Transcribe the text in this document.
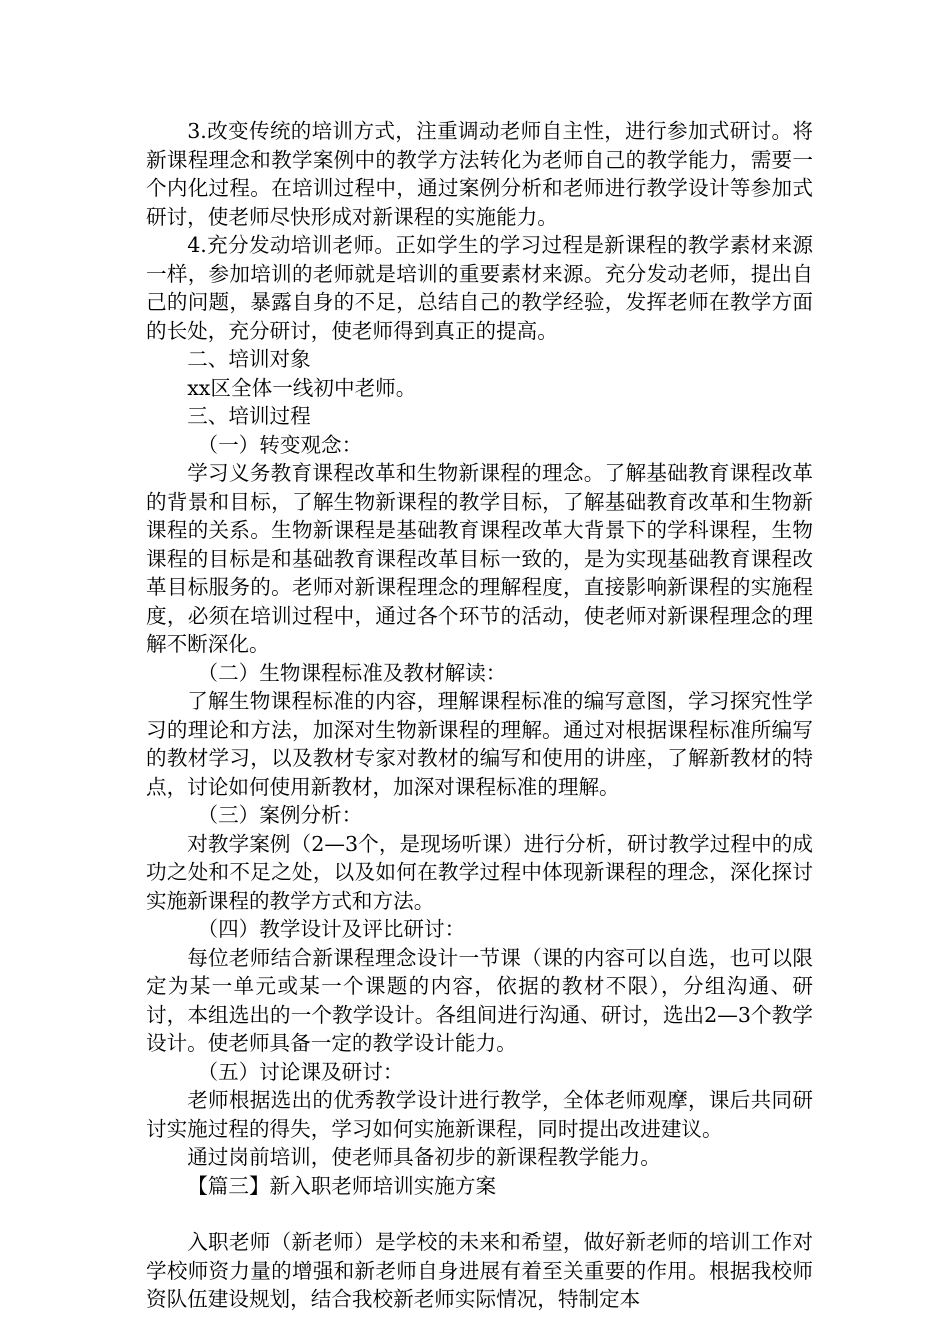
3.改变传统的培训方式，注重调动老师自主性，进行参加式研讨。将新课程理念和教学案例中的教学方法转化为老师自己的教学能力，需要一个内化过程。在培训过程中，通过案例分析和老师进行教学设计等参加式研讨，使老师尽快形成对新课程的实施能力。

4.充分发动培训老师。正如学生的学习过程是新课程的教学素材来源一样，参加培训的老师就是培训的重要素材来源。充分发动老师，提出自己的问题，暴露自身的不足，总结自己的教学经验，发挥老师在教学方面的长处，充分研讨，使老师得到真正的提高。

二、培训对象

xx区全体一线初中老师。

三、培训过程

（一）转变观念：

学习义务教育课程改革和生物新课程的理念。了解基础教育课程改革的背景和目标，了解生物新课程的教学目标，了解基础教育改革和生物新课程的关系。生物新课程是基础教育课程改革大背景下的学科课程，生物课程的目标是和基础教育课程改革目标一致的，是为实现基础教育课程改革目标服务的。老师对新课程理念的理解程度，直接影响新课程的实施程度，必须在培训过程中，通过各个环节的活动，使老师对新课程理念的理解不断深化。

（二）生物课程标准及教材解读：

了解生物课程标准的内容，理解课程标准的编写意图，学习探究性学习的理论和方法，加深对生物新课程的理解。通过对根据课程标准所编写的教材学习，以及教材专家对教材的编写和使用的讲座，了解新教材的特点，讨论如何使用新教材，加深对课程标准的理解。

（三）案例分析：

对教学案例（2—3个，是现场听课）进行分析，研讨教学过程中的成功之处和不足之处，以及如何在教学过程中体现新课程的理念，深化探讨实施新课程的教学方式和方法。

（四）教学设计及评比研讨：

每位老师结合新课程理念设计一节课（课的内容可以自选，也可以限定为某一单元或某一个课题的内容，依据的教材不限），分组沟通、研讨，本组选出的一个教学设计。各组间进行沟通、研讨，选出2—3个教学设计。使老师具备一定的教学设计能力。

（五）讨论课及研讨：

老师根据选出的优秀教学设计进行教学，全体老师观摩，课后共同研讨实施过程的得失，学习如何实施新课程，同时提出改进建议。

通过岗前培训，使老师具备初步的新课程教学能力。

【篇三】新入职老师培训实施方案

入职老师（新老师）是学校的未来和希望，做好新老师的培训工作对学校师资力量的增强和新老师自身进展有着至关重要的作用。根据我校师资队伍建设规划，结合我校新老师实际情况，特制定本
